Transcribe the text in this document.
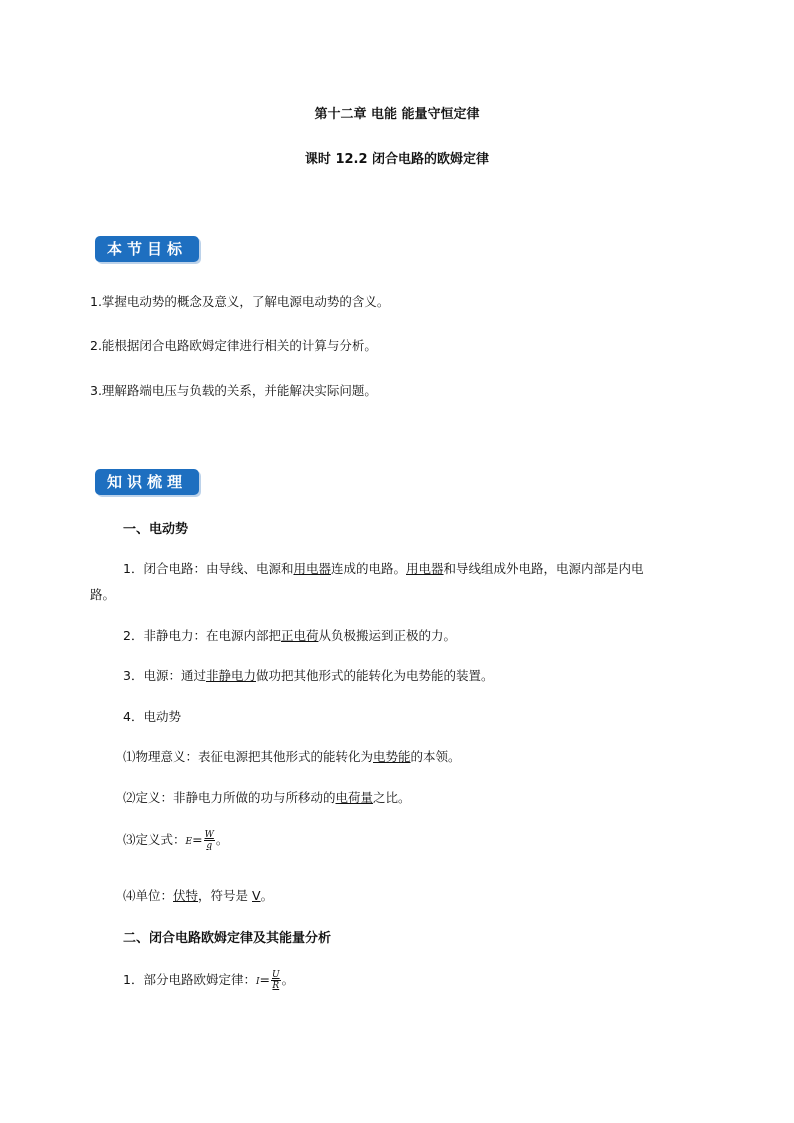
第十二章 电能 能量守恒定律
课时 12.2 闭合电路的欧姆定律
本节目标
1.掌握电动势的概念及意义，了解电源电动势的含义。
2.能根据闭合电路欧姆定律进行相关的计算与分析。
3.理解路端电压与负载的关系，并能解决实际问题。
知识梳理
一、电动势
1．闭合电路：由导线、电源和用电器连成的电路。用电器和导线组成外电路，电源内部是内电
路。
2．非静电力：在电源内部把正电荷从负极搬运到正极的力。
3．电源：通过非静电力做功把其他形式的能转化为电势能的装置。
4．电动势
⑴物理意义：表征电源把其他形式的能转化为电势能的本领。
⑵定义：非静电力所做的功与所移动的电荷量之比。
⑶定义式：$E= \frac{W}{q}$ 。
⑷单位：伏特，符号是 V。
二、闭合电路欧姆定律及其能量分析
1．部分电路欧姆定律：$I= \frac{U}{R}$ 。
